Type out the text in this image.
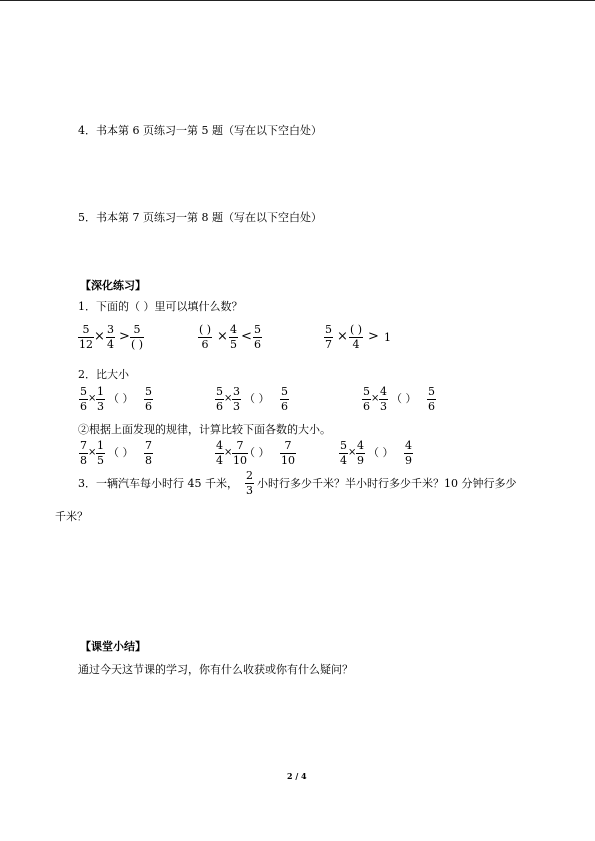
4．书本第 6 页练习一第 5 题（写在以下空白处）
5．书本第 7 页练习一第 8 题（写在以下空白处）
【深化练习】
1．下面的（ ）里可以填什么数？
5
12
× 3
4
> 5
( )
( )
6
× 4
5
< 5
6
5
7
× ( )
4
> 1
2．比大小
5
6
×
1
3
（ ）
5
6
5
6
×
3
3
（ ）
5
6
5
6
×
4
3
（ ）
5
6
②根据上面发现的规律，计算比较下面各数的大小。
7
8
×
1
5
（ ）
7
8
4
4
×
7
10
（ ）
7
10
5
4
×
4
9
（ ）
4
9
3．一辆汽车每小时行 45 千米，
2
3
小时行多少千米？半小时行多少千米？10 分钟行多少
千米？
【课堂小结】
通过今天这节课的学习，你有什么收获或你有什么疑问？
2 / 4
